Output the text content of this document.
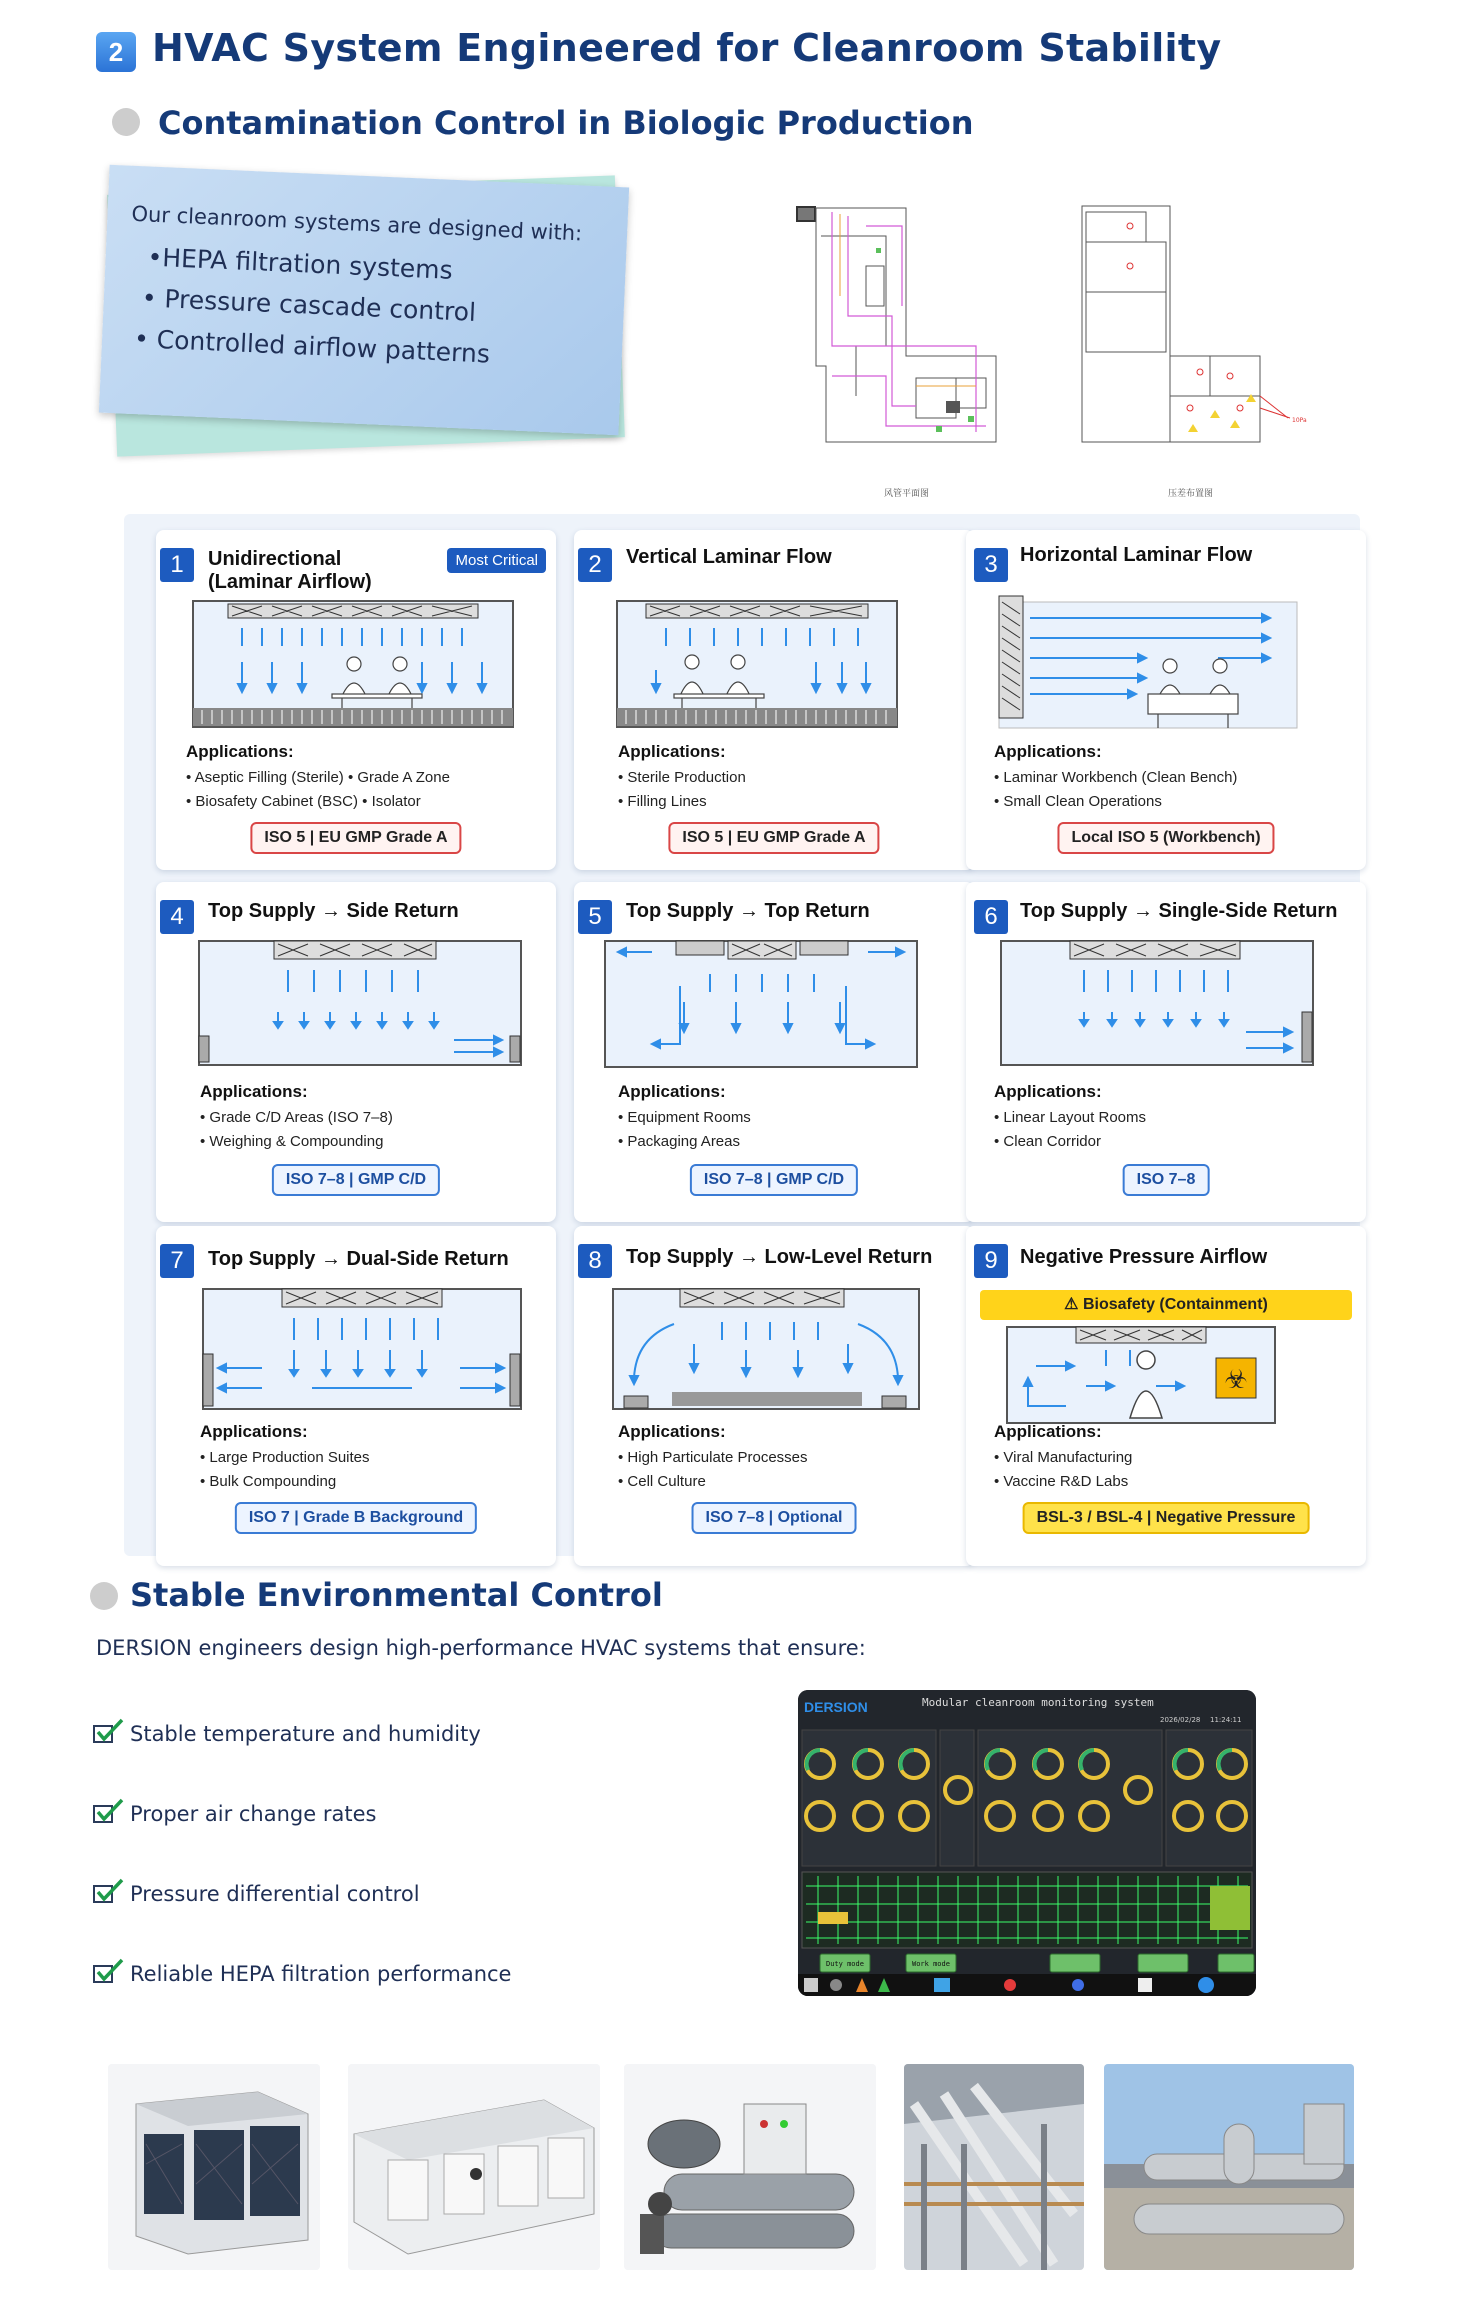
2 HVAC System Engineered for Cleanroom Stability
Contamination Control in Biologic Production
Our cleanroom systems are designed with:
•HEPA filtration systems
• Pressure cascade control
• Controlled airflow patterns
风管平面图
10Pa
压差布置图
1	Unidirectional
(Laminar Airflow)
Most Critical
Applications:
• Aseptic Filling (Sterile) • Grade A Zone
• Biosafety Cabinet (BSC) • Isolator
ISO 5 | EU GMP Grade A
2	Vertical Laminar Flow
Applications:
• Sterile Production
• Filling Lines
ISO 5 | EU GMP Grade A
3	Horizontal Laminar Flow
Applications:
• Laminar Workbench (Clean Bench)
• Small Clean Operations
Local ISO 5 (Workbench)
4	Top Supply → Side Return
Applications:
• Grade C/D Areas (ISO 7–8)
• Weighing & Compounding
ISO 7–8 | GMP C/D
5	Top Supply → Top Return
Applications:
• Equipment Rooms
• Packaging Areas
ISO 7–8 | GMP C/D
6	Top Supply → Single-Side Return
Applications:
• Linear Layout Rooms
• Clean Corridor
ISO 7–8
7	Top Supply → Dual-Side Return
Applications:
• Large Production Suites
• Bulk Compounding
ISO 7 | Grade B Background
8	Top Supply → Low-Level Return
Applications:
• High Particulate Processes
• Cell Culture
ISO 7–8 | Optional
9	Negative Pressure Airflow
⚠ Biosafety (Containment)
☣
Applications:
• Viral Manufacturing
• Vaccine R&D Labs
BSL-3 / BSL-4 | Negative Pressure
Stable Environmental Control
DERSION engineers design high-performance HVAC systems that ensure:
Stable temperature and humidity
Proper air change rates
Pressure differential control
Reliable HEPA filtration performance
DERSION	Modular cleanroom monitoring system
2026/02/28 11:24:11
Duty mode	Work mode
